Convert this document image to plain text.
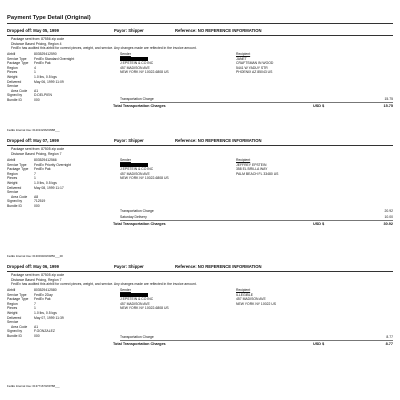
Payment Type Detail (Original)
Dropped off: May 05, 1999	Payor: Shipper	Reference: NO REFERENCE INFORMATION
Package sent from: 87556 zip code
Distance Based Pricing, Region 4
FedEx has audited this airbill for correct pieces, weight, and service. Any changes made are reflected in the invoice amount.
Airbill	8035294125​90
Service Type	FedEx Standard Overnight
Package Type	FedEx Pak
Region	4
Pieces	1
Weight	1.0 lbs, 0.5 kgs
Delivered	May 06, 1999 11:09
Service
Area Code	A1
Signed by	D.DELPIEN
Bundle ID	000
Sender
J EPSTEIN & CO INC
457 MADISON AVE
NEW YORK NY 10022-6808 US
Recipient
JANET
CRAFTSMAN IN WOOD
5441 W YADUY STR
PHOENIX AZ 85043 US
Transportation Charge	15.75
Total Transportation Charges	USD $	15.75
FedEx Internal Use: 012013236/03988___
Dropped off: May 07, 1999	Payor: Shipper	Reference: NO REFERENCE INFORMATION
Package sent from: 87505 zip code
Distance Based Pricing, Region 7
Airbill	8035294125​66
Service Type	FedEx Priority Overnight
Package Type	FedEx Pak
Region	7
Pieces	1
Weight	1.0 lbs, 0.5 kgs
Delivered	May 08, 1999 11:17
Service
Area Code	A8
Signed by	712519
Bundle ID	000
Sender
J EPSTEIN & CO INC
457 MADISON AVE
NEW YORK NY 10022-6808 US
Recipient
JEFFREY EPSTEIN
358 EL BRILLA WAY
PALM BEACH FL 33480 US
Transportation Charge	20.92
Saturday Delivery	10.00
Total Transportation Charges	USD $	30.92
FedEx Internal Use: 013003400/04850___00
Dropped off: May 06, 1999	Payor: Shipper	Reference: NO REFERENCE INFORMATION
Package sent from: 87505 zip code
Distance Based Pricing, Region 7
FedEx has audited this airbill for correct pieces, weight, and service. Any changes made are reflected in the invoice amount.
Airbill	8035294125​80
Service Type	FedEx 2Day
Package Type	FedEx Pak
Region	7
Pieces	1
Weight	1.0 lbs, 0.5 kgs
Delivered	May 07, 1999 11:39
Service
Area Code	A1
Signed by	F.GONZALEZ
Bundle ID	000
Sender
J EPSTEIN & CO INC
457 MADISON AVE
NEW YORK NY 10022-6808 US
Recipient
ILLEGIBLE
457 MADISON AVE
NEW YORK NY 10022 US
Transportation Charge	8.77
Total Transportation Charges	USD $	8.77
FedEx Internal Use: 013771670/09788___
